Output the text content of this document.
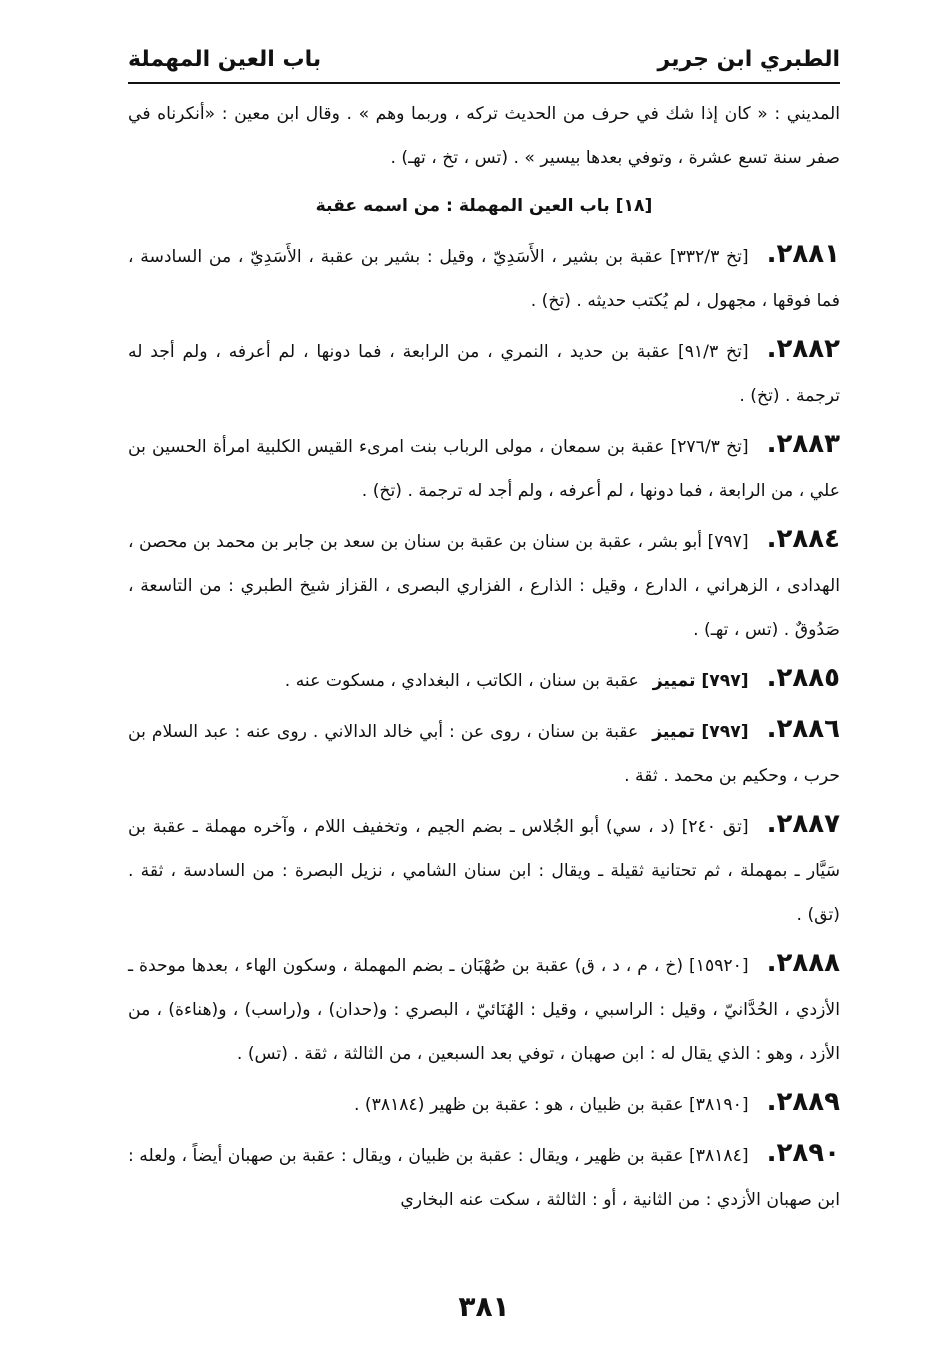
الطبري ابن جرير
باب العين المهملة

المديني : « كان إذا شك في حرف من الحديث تركه ، وربما وهم » . وقال ابن معين : «أنكرناه في صفر سنة تسع عشرة ، وتوفي بعدها بيسير » . (تس ، تخ ، تهـ) .

[١٨] باب العين المهملة : من اسمه عقبة

٢٨٨١.[تخ ٣٣٢/٣] عقبة بن بشير ، الأَسَدِيّ ، وقيل : بشير بن عقبة ، الأَسَدِيّ ، من السادسة ، فما فوقها ، مجهول ، لم يُكتب حديثه . (تخ) .

٢٨٨٢.[تخ ٩١/٣] عقبة بن حديد ، النمري ، من الرابعة ، فما دونها ، لم أعرفه ، ولم أجد له ترجمة . (تخ) .

٢٨٨٣.[تخ ٢٧٦/٣] عقبة بن سمعان ، مولى الرباب بنت امرىء القيس الكلبية امرأة الحسين بن علي ، من الرابعة ، فما دونها ، لم أعرفه ، ولم أجد له ترجمة . (تخ) .

٢٨٨٤.[٧٩٧] أبو بشر ، عقبة بن سنان بن عقبة بن سنان بن سعد بن جابر بن محمد بن محصن ، الهدادى ، الزهراني ، الدارع ، وقيل : الذارع ، الفزاري البصرى ، القزاز شيخ الطبري : من التاسعة ، صَدُوقٌ . (تس ، تهـ) .

٢٨٨٥.[٧٩٧] تمييزعقبة بن سنان ، الكاتب ، البغدادي ، مسكوت عنه .

٢٨٨٦.[٧٩٧] تمييزعقبة بن سنان ، روى عن : أبي خالد الدالاني . روى عنه : عبد السلام بن حرب ، وحكيم بن محمد . ثقة .

٢٨٨٧.[تق ٢٤٠] (د ، سي) أبو الجُلاس ـ بضم الجيم ، وتخفيف اللام ، وآخره مهملة ـ عقبة بن سَيَّار ـ بمهملة ، ثم تحتانية ثقيلة ـ ويقال : ابن سنان الشامي ، نزيل البصرة : من السادسة ، ثقة . (تق) .

٢٨٨٨.[١٥٩٢٠] (خ ، م ، د ، ق) عقبة بن صُهْبَان ـ بضم المهملة ، وسكون الهاء ، بعدها موحدة ـ الأزدي ، الحُدَّانيّ ، وقيل : الراسبي ، وقيل : الهُنَائيّ ، البصري : و(حدان) ، و(راسب) ، و(هناءة) ، من الأزد ، وهو : الذي يقال له : ابن صهبان ، توفي بعد السبعين ، من الثالثة ، ثقة . (تس) .

٢٨٨٩.[٣٨١٩٠] عقبة بن ظبيان ، هو : عقبة بن ظهير (٣٨١٨٤) .

٢٨٩٠.[٣٨١٨٤] عقبة بن ظهير ، ويقال : عقبة بن ظبيان ، ويقال : عقبة بن صهبان أيضاً ، ولعله : ابن صهبان الأزدي : من الثانية ، أو : الثالثة ، سكت عنه البخاري

٣٨١
